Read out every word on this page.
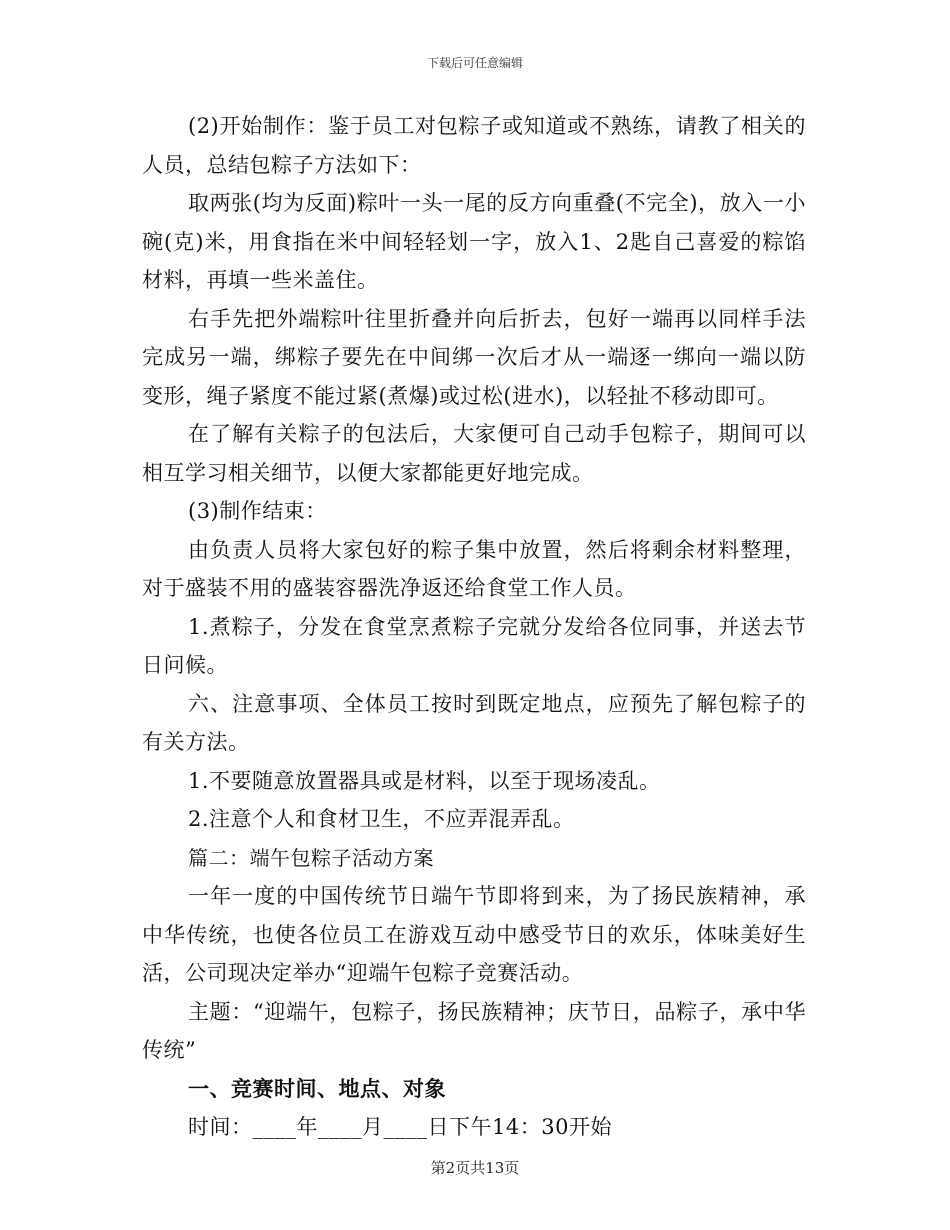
下载后可任意编辑

(2)开始制作：鉴于员工对包粽子或知道或不熟练，请教了相关的人员，总结包粽子方法如下：

取两张(均为反面)粽叶一头一尾的反方向重叠(不完全)，放入一小碗(克)米，用食指在米中间轻轻划一字，放入1、2匙自己喜爱的粽馅材料，再填一些米盖住。

右手先把外端粽叶往里折叠并向后折去，包好一端再以同样手法完成另一端，绑粽子要先在中间绑一次后才从一端逐一绑向一端以防变形，绳子紧度不能过紧(煮爆)或过松(进水)，以轻扯不移动即可。

在了解有关粽子的包法后，大家便可自己动手包粽子，期间可以相互学习相关细节，以便大家都能更好地完成。

(3)制作结束：

由负责人员将大家包好的粽子集中放置，然后将剩余材料整理，对于盛装不用的盛装容器洗净返还给食堂工作人员。

1.煮粽子，分发在食堂烹煮粽子完就分发给各位同事，并送去节日问候。

六、注意事项、全体员工按时到既定地点，应预先了解包粽子的有关方法。

1.不要随意放置器具或是材料，以至于现场凌乱。

2.注意个人和食材卫生，不应弄混弄乱。

篇二：端午包粽子活动方案

一年一度的中国传统节日端午节即将到来，为了扬民族精神，承中华传统，也使各位员工在游戏互动中感受节日的欢乐，体味美好生活，公司现决定举办“迎端午包粽子竞赛活动。

主题：“迎端午，包粽子，扬民族精神；庆节日，品粽子，承中华传统”

一、竞赛时间、地点、对象

时间：____年____月____日下午14：30开始

第2页共13页
